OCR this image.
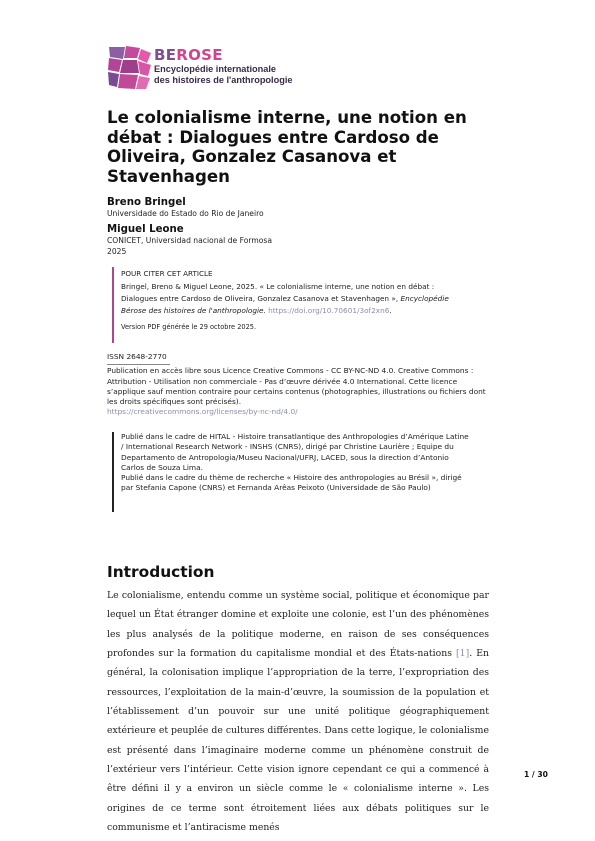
BEROSE
Encyclopédie internationale
des histoires de l'anthropologie
Le colonialisme interne, une notion en débat : Dialogues entre Cardoso de Oliveira, Gonzalez Casanova et Stavenhagen
Breno Bringel
Universidade do Estado do Rio de Janeiro
Miguel Leone
CONICET, Universidad nacional de Formosa
2025
POUR CITER CET ARTICLE
Bringel, Breno & Miguel Leone, 2025. « Le colonialisme interne, une notion en débat : Dialogues entre Cardoso de Oliveira, Gonzalez Casanova et Stavenhagen », Encyclopédie Bérose des histoires de l'anthropologie. https://doi.org/10.70601/3of2xn6.
Version PDF générée le 29 octobre 2025.
ISSN 2648-2770
Publication en accès libre sous Licence Creative Commons - CC BY-NC-ND 4.0. Creative Commons : Attribution - Utilisation non commerciale - Pas d’œuvre dérivée 4.0 International. Cette licence s’applique sauf mention contraire pour certains contenus (photographies, illustrations ou fichiers dont les droits spécifiques sont précisés).
https://creativecommons.org/licenses/by-nc-nd/4.0/
Publié dans le cadre de HITAL - Histoire transatlantique des Anthropologies d’Amérique Latine / International Research Network - INSHS (CNRS), dirigé par Christine Laurière ; Equipe du Departamento de Antropologia/Museu Nacional/UFRJ, LACED, sous la direction d’Antonio Carlos de Souza Lima.
Publié dans le cadre du thème de recherche « Histoire des anthropologies au Brésil », dirigé par Stefania Capone (CNRS) et Fernanda Arêas Peixoto (Universidade de São Paulo)
Introduction

Le colonialisme, entendu comme un système social, politique et économique par lequel un État étranger domine et exploite une colonie, est l’un des phénomènes les plus analysés de la politique moderne, en raison de ses conséquences profondes sur la formation du capitalisme mondial et des États-nations [1]. En général, la colonisation implique l’appropriation de la terre, l’expropriation des ressources, l’exploitation de la main-d’œuvre, la soumission de la population et l’établissement d’un pouvoir sur une unité politique géographiquement extérieure et peuplée de cultures différentes. Dans cette logique, le colonialisme est présenté dans l’imaginaire moderne comme un phénomène construit de l’extérieur vers l’intérieur. Cette vision ignore cependant ce qui a commencé à être défini il y a environ un siècle comme le « colonialisme interne ». Les origines de ce terme sont étroitement liées aux débats politiques sur le communisme et l’antiracisme menés

1 / 30
